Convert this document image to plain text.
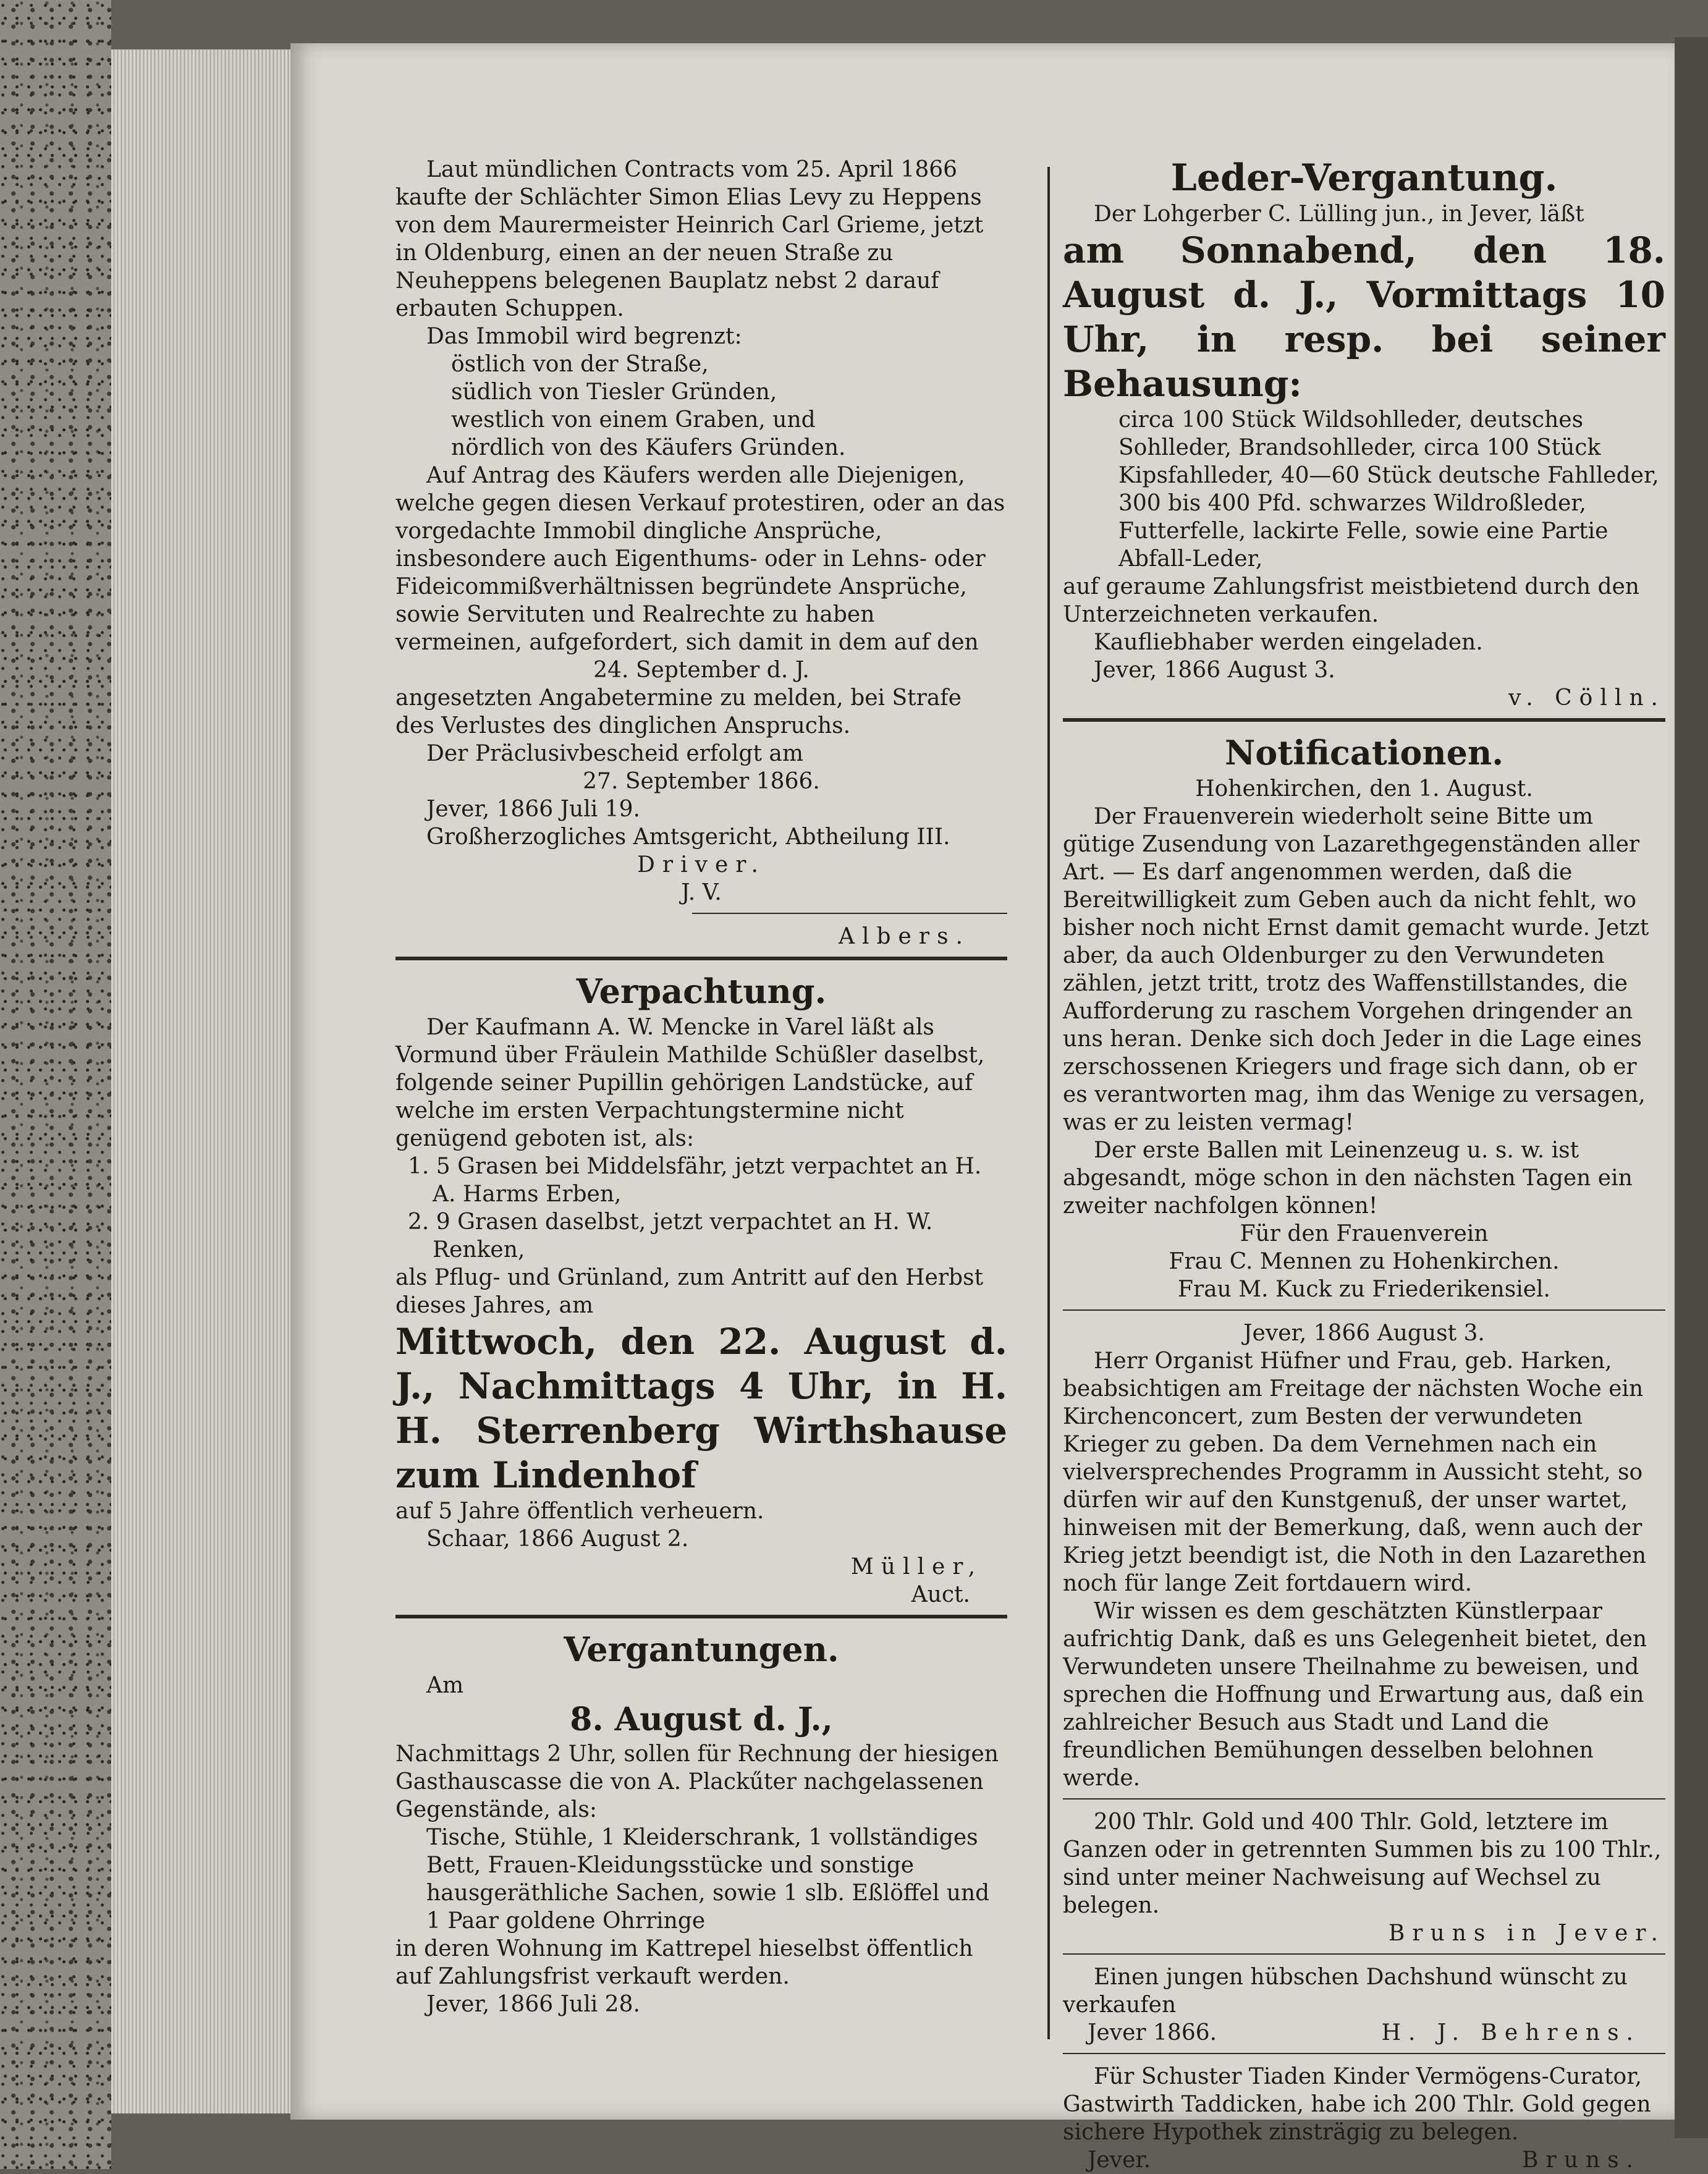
Laut mündlichen Contracts vom 25. April 1866 kaufte der Schlächter Simon Elias Levy zu Heppens von dem Maurermeister Heinrich Carl Grieme, jetzt in Oldenburg, einen an der neuen Straße zu Neuheppens belegenen Bauplatz nebst 2 darauf erbauten Schuppen.

Das Immobil wird begrenzt:

östlich von der Straße,

südlich von Tiesler Gründen,

westlich von einem Graben, und

nördlich von des Käufers Gründen.

Auf Antrag des Käufers werden alle Diejenigen, welche gegen diesen Verkauf protestiren, oder an das vorgedachte Immobil dingliche Ansprüche, insbesondere auch Eigenthums- oder in Lehns- oder Fideicommißverhältnissen begründete Ansprüche, sowie Servituten und Realrechte zu haben vermeinen, aufgefordert, sich damit in dem auf den

24. September d. J.

angesetzten Angabetermine zu melden, bei Strafe des Verlustes des dinglichen Anspruchs.

Der Präclusivbescheid erfolgt am

27. September 1866.

Jever, 1866 Juli 19.

Großherzogliches Amtsgericht, Abtheilung III.

Driver.

J. V.

Albers.

Verpachtung.

Der Kaufmann A. W. Mencke in Varel läßt als Vormund über Fräulein Mathilde Schüßler daselbst, folgende seiner Pupillin gehörigen Landstücke, auf welche im ersten Verpachtungstermine nicht genügend geboten ist, als:

1. 5 Grasen bei Middelsfähr, jetzt verpachtet an H. A. Harms Erben,

2. 9 Grasen daselbst, jetzt verpachtet an H. W. Renken,

als Pflug- und Grünland, zum Antritt auf den Herbst dieses Jahres, am

Mittwoch, den 22. August d. J., Nachmittags 4 Uhr, in H. H. Sterrenberg Wirthshause zum Lindenhof

auf 5 Jahre öffentlich verheuern.

Schaar, 1866 August 2.

Müller,

Auct.

Vergantungen.

Am

8. August d. J.,

Nachmittags 2 Uhr, sollen für Rechnung der hiesigen Gasthauscasse die von A. Plackűter nachgelassenen Gegenstände, als:

Tische, Stühle, 1 Kleiderschrank, 1 vollständiges Bett, Frauen-Kleidungsstücke und sonstige hausgeräthliche Sachen, sowie 1 slb. Eßlöffel und 1 Paar goldene Ohrringe

in deren Wohnung im Kattrepel hieselbst öffentlich auf Zahlungsfrist verkauft werden.

Jever, 1866 Juli 28.

Leder-Vergantung.

Der Lohgerber C. Lülling jun., in Jever, läßt

am Sonnabend, den 18. August d. J., Vormittags 10 Uhr, in resp. bei seiner Behausung:

circa 100 Stück Wildsohlleder, deutsches Sohlleder, Brandsohlleder, circa 100 Stück Kipsfahlleder, 40—60 Stück deutsche Fahlleder, 300 bis 400 Pfd. schwarzes Wildroßleder, Futterfelle, lackirte Felle, sowie eine Partie Abfall-Leder,

auf geraume Zahlungsfrist meistbietend durch den Unterzeichneten verkaufen.

Kaufliebhaber werden eingeladen.

Jever, 1866 August 3.

v. Cölln.

Notificationen.

Hohenkirchen, den 1. August.

Der Frauenverein wiederholt seine Bitte um gütige Zusendung von Lazarethgegenständen aller Art. — Es darf angenommen werden, daß die Bereitwilligkeit zum Geben auch da nicht fehlt, wo bisher noch nicht Ernst damit gemacht wurde. Jetzt aber, da auch Oldenburger zu den Verwundeten zählen, jetzt tritt, trotz des Waffenstillstandes, die Aufforderung zu raschem Vorgehen dringender an uns heran. Denke sich doch Jeder in die Lage eines zerschossenen Kriegers und frage sich dann, ob er es verantworten mag, ihm das Wenige zu versagen, was er zu leisten vermag!

Der erste Ballen mit Leinenzeug u. s. w. ist abgesandt, möge schon in den nächsten Tagen ein zweiter nachfolgen können!

Für den Frauenverein

Frau C. Mennen zu Hohenkirchen.

Frau M. Kuck zu Friederikensiel.

Jever, 1866 August 3.

Herr Organist Hüfner und Frau, geb. Harken, beabsichtigen am Freitage der nächsten Woche ein Kirchenconcert, zum Besten der verwundeten Krieger zu geben. Da dem Vernehmen nach ein vielversprechendes Programm in Aussicht steht, so dürfen wir auf den Kunstgenuß, der unser wartet, hinweisen mit der Bemerkung, daß, wenn auch der Krieg jetzt beendigt ist, die Noth in den Lazarethen noch für lange Zeit fortdauern wird.

Wir wissen es dem geschätzten Künstlerpaar aufrichtig Dank, daß es uns Gelegenheit bietet, den Verwundeten unsere Theilnahme zu beweisen, und sprechen die Hoffnung und Erwartung aus, daß ein zahlreicher Besuch aus Stadt und Land die freundlichen Bemühungen desselben belohnen werde.

200 Thlr. Gold und 400 Thlr. Gold, letztere im Ganzen oder in getrennten Summen bis zu 100 Thlr., sind unter meiner Nachweisung auf Wechsel zu belegen.

Bruns in Jever.

Einen jungen hübschen Dachshund wünscht zu verkaufen

Jever 1866.	H. J. Behrens.

Für Schuster Tiaden Kinder Vermögens-Curator, Gastwirth Taddicken, habe ich 200 Thlr. Gold gegen sichere Hypothek zinsträgig zu belegen.

Jever.	Bruns.
